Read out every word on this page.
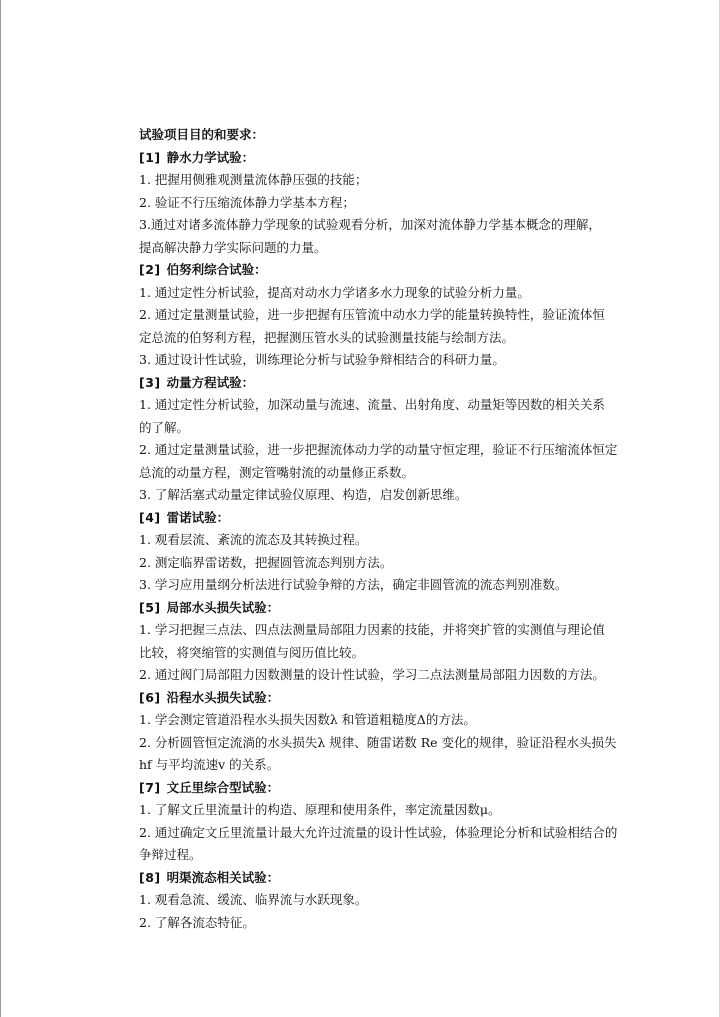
试验项目目的和要求：
[1] 静水力学试验：
1. 把握用侧雅观测量流体静压强的技能；
2. 验证不行压缩流体静力学基本方程；
3.通过对诸多流体静力学现象的试验观看分析，加深对流体静力学基本概念的理解，
提高解决静力学实际问题的力量。
[2] 伯努利综合试验：
1. 通过定性分析试验，提高对动水力学诸多水力现象的试验分析力量。
2. 通过定量测量试验，进一步把握有压管流中动水力学的能量转换特性，验证流体恒
定总流的伯努利方程，把握测压管水头的试验测量技能与绘制方法。
3. 通过设计性试验，训练理论分析与试验争辩相结合的科研力量。
[3] 动量方程试验：
1. 通过定性分析试验，加深动量与流速、流量、出射角度、动量矩等因数的相关关系
的了解。
2. 通过定量测量试验，进一步把握流体动力学的动量守恒定理，验证不行压缩流体恒定
总流的动量方程，测定管嘴射流的动量修正系数。
3. 了解活塞式动量定律试验仪原理、构造，启发创新思维。
[4] 雷诺试验：
1. 观看层流、紊流的流态及其转换过程。
2. 测定临界雷诺数，把握圆管流态判别方法。
3. 学习应用量纲分析法进行试验争辩的方法，确定非圆管流的流态判别准数。
[5] 局部水头损失试验：
1. 学习把握三点法、四点法测量局部阻力因素的技能，并将突扩管的实测值与理论值
比较，将突缩管的实测值与阅历值比较。
2. 通过阀门局部阻力因数测量的设计性试验，学习二点法测量局部阻力因数的方法。
[6] 沿程水头损失试验：
1. 学会测定管道沿程水头损失因数λ 和管道粗糙度Δ的方法。
2. 分析圆管恒定流淌的水头损失λ 规律、随雷诺数 Re 变化的规律，验证沿程水头损失
hf 与平均流速v 的关系。
[7] 文丘里综合型试验：
1. 了解文丘里流量计的构造、原理和使用条件，率定流量因数μ。
2. 通过确定文丘里流量计最大允许过流量的设计性试验，体验理论分析和试验相结合的
争辩过程。
[8] 明渠流态相关试验：
1. 观看急流、缓流、临界流与水跃现象。
2. 了解各流态特征。
